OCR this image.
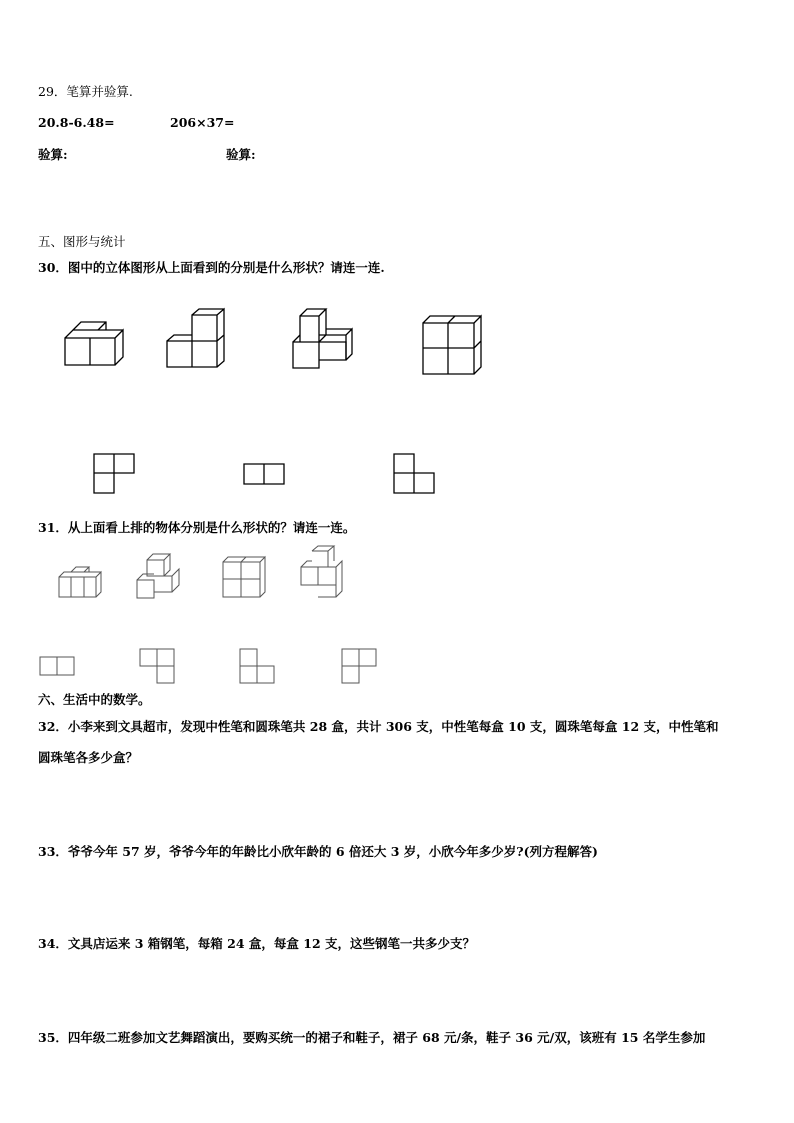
29．笔算并验算.
20.8-6.48=	206×37=
验算:	验算:
五、图形与统计
30．图中的立体图形从上面看到的分别是什么形状？请连一连.
31．从上面看上排的物体分别是什么形状的？请连一连。
六、生活中的数学。
32．小李来到文具超市，发现中性笔和圆珠笔共 28 盒，共计 306 支，中性笔每盒 10 支，圆珠笔每盒 12 支，中性笔和
圆珠笔各多少盒？
33．爷爷今年 57 岁，爷爷今年的年龄比小欣年龄的 6 倍还大 3 岁，小欣今年多少岁?(列方程解答)
34．文具店运来 3 箱钢笔，每箱 24 盒，每盒 12 支，这些钢笔一共多少支？
35．四年级二班参加文艺舞蹈演出，要购买统一的裙子和鞋子，裙子 68 元/条，鞋子 36 元/双，该班有 15 名学生参加
